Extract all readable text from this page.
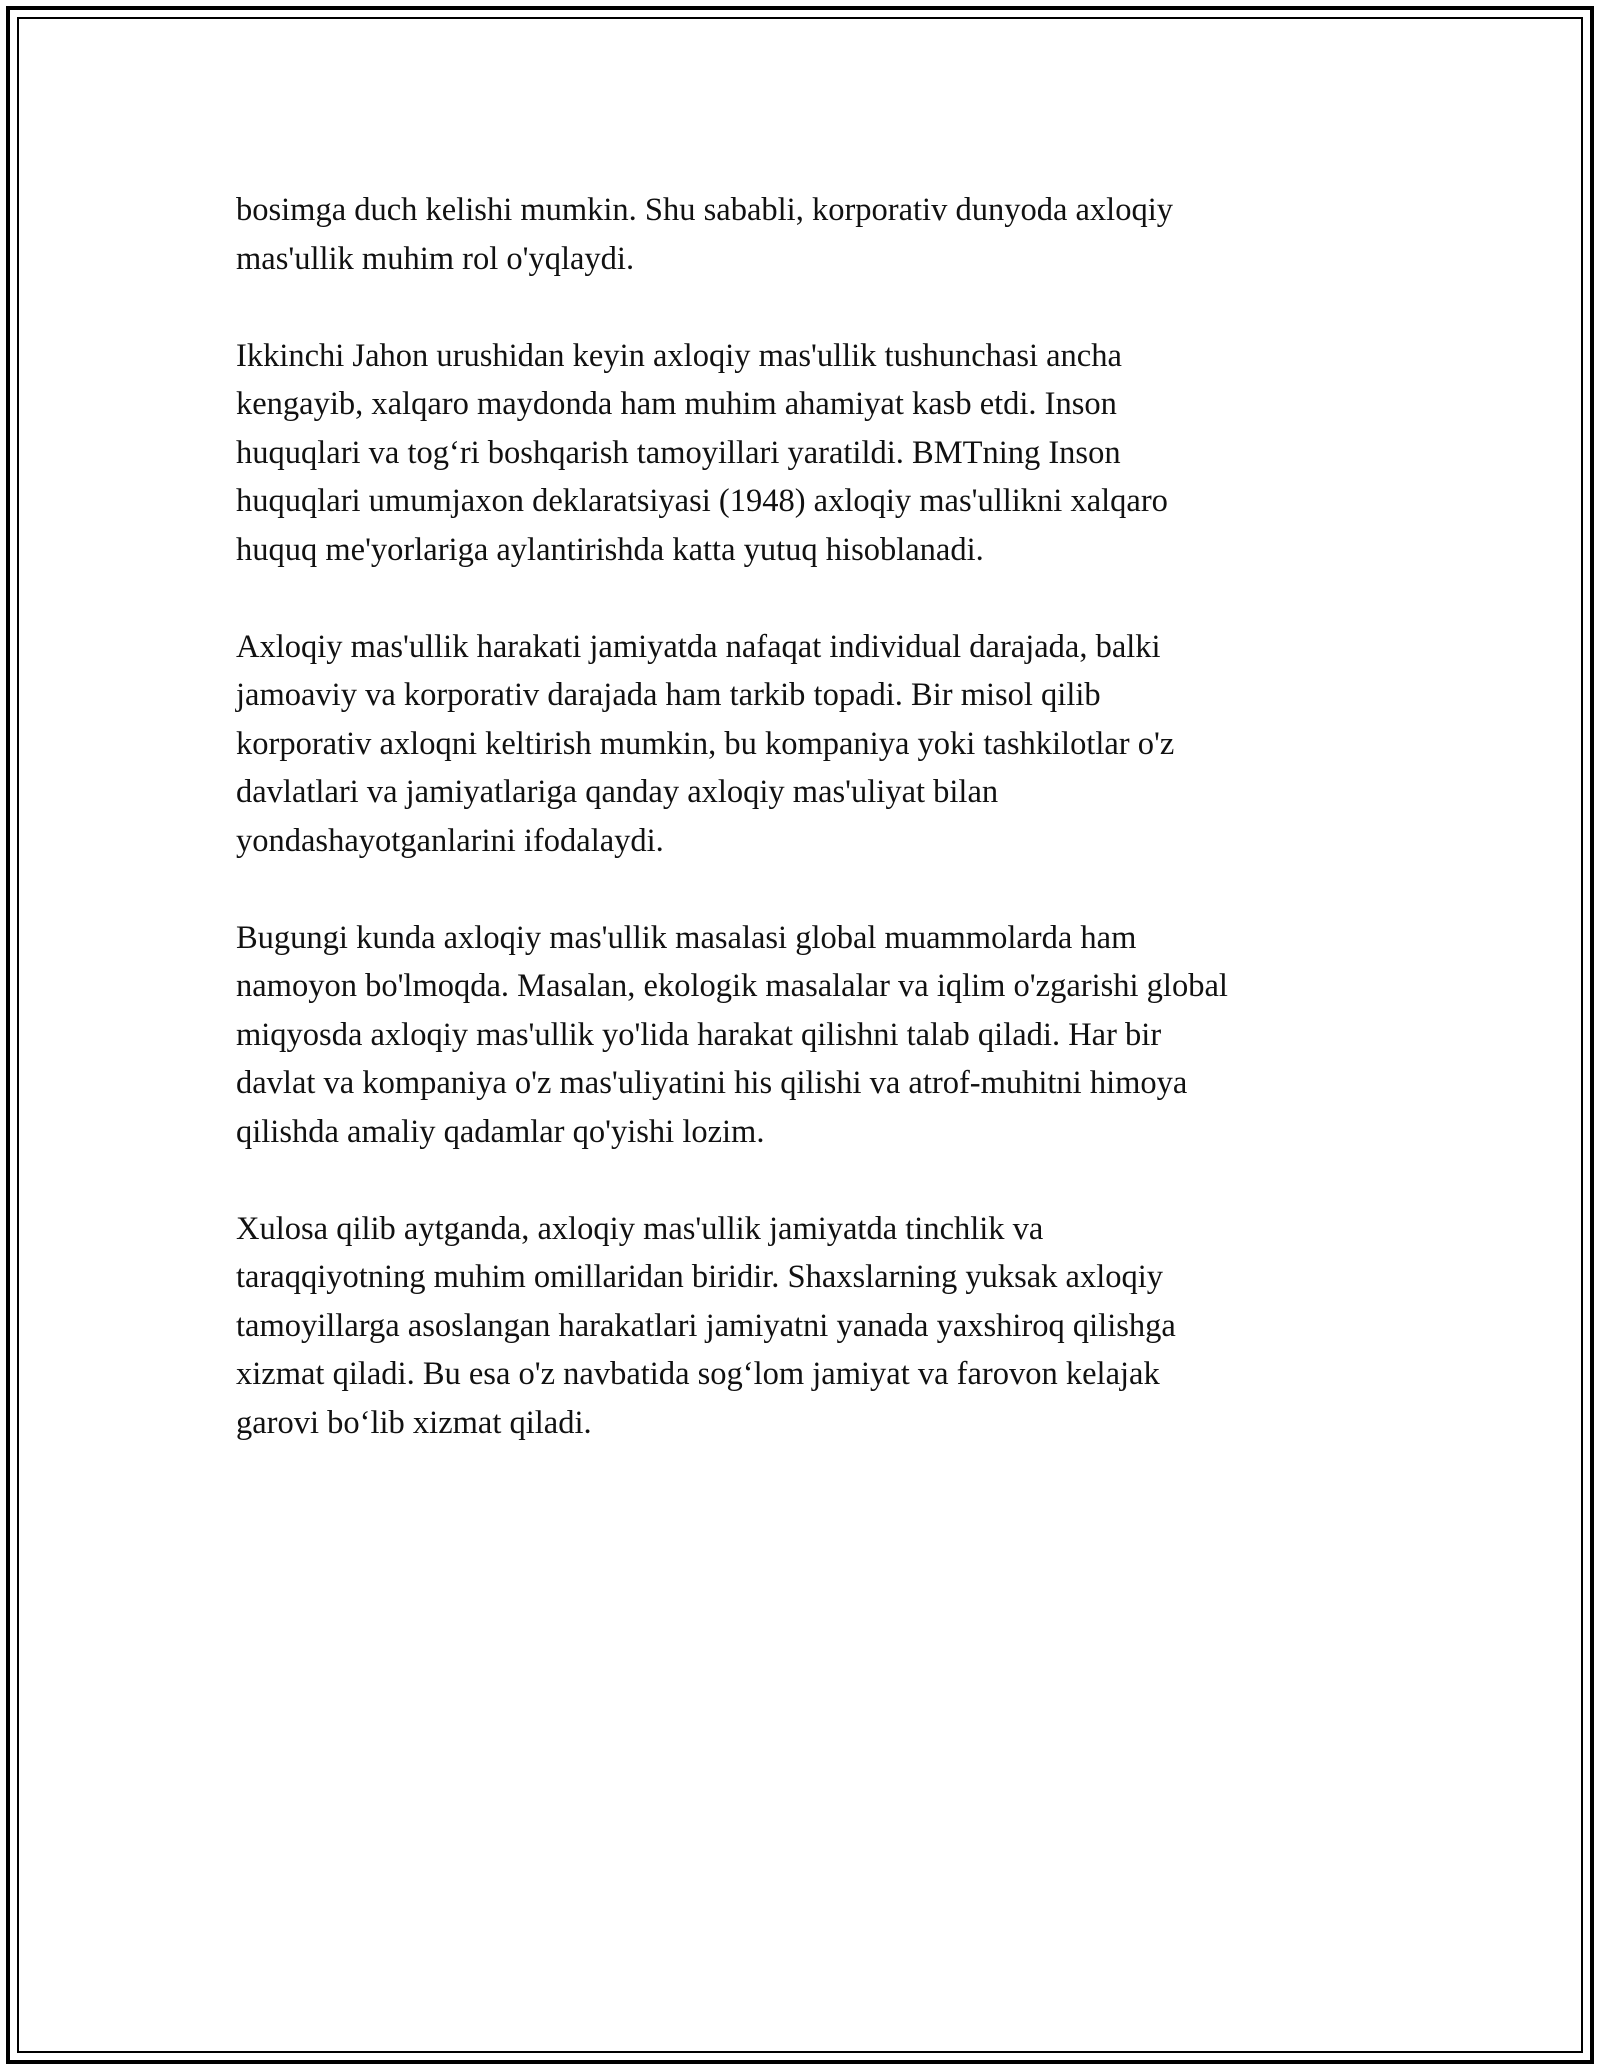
bosimga duch kelishi mumkin. Shu sababli, korporativ dunyoda axloqiy
mas'ullik muhim rol o'yqlaydi.

Ikkinchi Jahon urushidan keyin axloqiy mas'ullik tushunchasi ancha
kengayib, xalqaro maydonda ham muhim ahamiyat kasb etdi. Inson
huquqlari va tog‘ri boshqarish tamoyillari yaratildi. BMTning Inson
huquqlari umumjaxon deklaratsiyasi (1948) axloqiy mas'ullikni xalqaro
huquq me'yorlariga aylantirishda katta yutuq hisoblanadi.

Axloqiy mas'ullik harakati jamiyatda nafaqat individual darajada, balki
jamoaviy va korporativ darajada ham tarkib topadi. Bir misol qilib
korporativ axloqni keltirish mumkin, bu kompaniya yoki tashkilotlar o'z
davlatlari va jamiyatlariga qanday axloqiy mas'uliyat bilan
yondashayotganlarini ifodalaydi.

Bugungi kunda axloqiy mas'ullik masalasi global muammolarda ham
namoyon bo'lmoqda. Masalan, ekologik masalalar va iqlim o'zgarishi global
miqyosda axloqiy mas'ullik yo'lida harakat qilishni talab qiladi. Har bir
davlat va kompaniya o'z mas'uliyatini his qilishi va atrof-muhitni himoya
qilishda amaliy qadamlar qo'yishi lozim.

Xulosa qilib aytganda, axloqiy mas'ullik jamiyatda tinchlik va
taraqqiyotning muhim omillaridan biridir. Shaxslarning yuksak axloqiy
tamoyillarga asoslangan harakatlari jamiyatni yanada yaxshiroq qilishga
xizmat qiladi. Bu esa o'z navbatida sog‘lom jamiyat va farovon kelajak
garovi bo‘lib xizmat qiladi.
